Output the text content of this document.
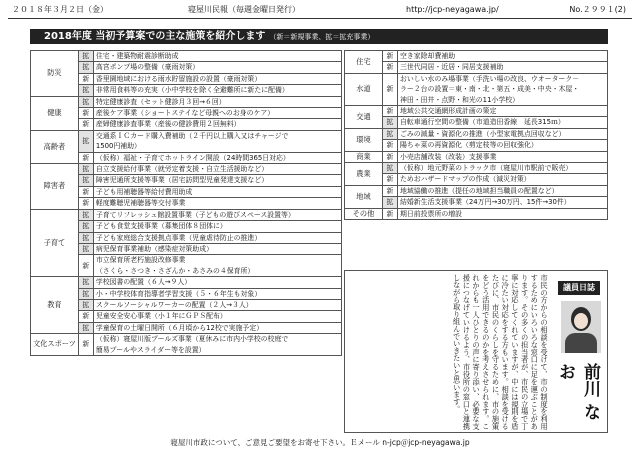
２０１８年３月２日（金）	寝屋川民報（毎週金曜日発行）	http://jcp-neyagawa.jp/	No.２９９１(2)
2018年度 当初予算案での主な施策を紹介します （新＝新規事業、拡＝拡充事業）
防災	拡	住宅・建築物耐震診断助成
	拡	高宮ポンプ場の整備（豪雨対策）
	新	香里園地域における雨水貯留施設の設置（豪雨対策）
	拡	非常用食料等の充実（小中学校を除く全避難所に新たに配備）
健康	拡	特定健康診査（セット健診月３回→６回）
	新	産後ケア事業（ショートステイなど母親へのお身のケア）
	新	産婦健康診査事業（産後の健診費用２回無料）
高齢者	拡	交通系ＩＣカード購入費補助（２千円以上購入又はチャージで
1500円補助）
	新	（仮称）福祉・子育てホットライン開設（24時間365日対応）
障害者	拡	自立支援給付事業（就労定着支援・自立生活援助など）
	拡	障害児通所支援等事業（居宅訪問型児童発達支援など）
	新	子ども用補聴器等給付費用助成
	新	軽度難聴児補聴器等交付事業
子育て	拡	子育てリフレッシュ館設置事業（子どもの遊びスペース設置等）
	拡	子ども食堂支援事業（募集団体８団体に）
	拡	子ども家庭総合支援拠点事業（児童虐待防止の推進）
	拡	病児保育事業補助（感染症対策助成）
	新	市立保育所老朽施設改修事業
（さくら・さつき・さざんか・あさみの４保育所）
教育	拡	学校図書の配置（６人→９人）
	拡	小・中学校体育指導者学習支援（５・６年生も対象）
	拡	スクールソーシャルワーカーの配置（２人→３人）
	新	児童安全安心事業（小１年にＧＰＳ配布）
	拡	学童保育の土曜日開所（６月頃から12校で実施予定）
文化スポーツ	新	（仮称）寝屋川版プールズ事業（夏休みに市内小学校の校庭で
簡易プールやスライダー等を設置）
住宅	新	空き家除却費補助
	新	三世代同居・近居・同居支援補助
水道	新	おいしい水のみ場事業（手洗い場の改良、ウオーターク－
ラー２台の設置＝東・南・北・第五・成美・中央・木屋・
神田・田井・点野・和光の11小学校）
交通	新	地域公共交通網形成計画の策定
	拡	自転車通行空間の整備（市道造田香線　延長315ｍ）
環境	拡	ごみの減量・資源化の推進（小型家電拠点回収など）
	新	陽ちゃ菜の再資源化（剪定枝等の回収強化）
商業	新	小売店舗改装（改装）支援事業
農業	拡	（仮称）地元野菜のトラック市（寝屋川市駅前で販売）
	新	ためおハザードマップの作成（減災対策）
地域	新	地域協働の推進（提任の地域担当職員の配置など）
	拡	結婚新生活支援事業（24万円→30万円、15件→30件）
その他	新	期日前投票所の増設
市民の方からの相談を受けて、市の制度を利用するためにいろいろな窓口に足を運ぶことがあります。その多くの担当者が、市民の立場で丁寧に対応してくれていますが、中には規則を盾に冷たい対応をする方もいます。相談を受けるたびに、市民のくらしを守るために、市の施策をどう活用できるのかを考えさせられます。これからも一人ひとりの声に寄り添い、必要な支援につなげていけるよう、市役所の窓口と連携しながら取り組んでいきたいと思います。	議員日誌
前川 なお
寝屋川市政について、ご意見ご要望をお寄せ下さい。Ｅメール n-jcp＠jcp-neyagawa.jp
